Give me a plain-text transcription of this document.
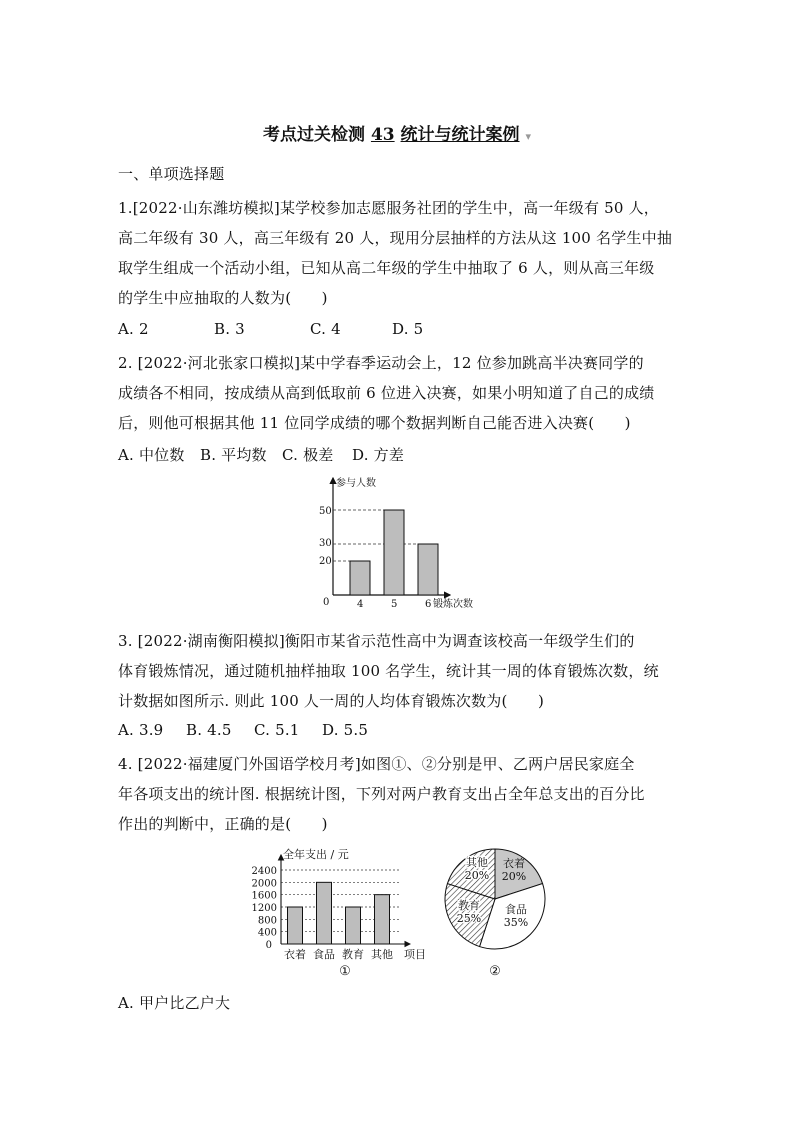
考点过关检测 43 统计与统计案例 ▾
一、单项选择题
1.[2022·山东潍坊模拟]某学校参加志愿服务社团的学生中，高一年级有 50 人，
高二年级有 30 人，高三年级有 20 人，现用分层抽样的方法从这 100 名学生中抽
取学生组成一个活动小组，已知从高二年级的学生中抽取了 6 人，则从高三年级
的学生中应抽取的人数为(　　)
A. 2	B. 3	C. 4	D. 5
2. [2022·河北张家口模拟]某中学春季运动会上，12 位参加跳高半决赛同学的
成绩各不相同，按成绩从高到低取前 6 位进入决赛，如果小明知道了自己的成绩
后，则他可根据其他 11 位同学成绩的哪个数据判断自己能否进入决赛(　　)
A. 中位数 B. 平均数 C. 极差 D. 方差
参与人数
锻炼次数
0
50
30
20
4	5	6
3. [2022·湖南衡阳模拟]衡阳市某省示范性高中为调查该校高一年级学生们的
体育锻炼情况，通过随机抽样抽取 100 名学生，统计其一周的体育锻炼次数，统
计数据如图所示. 则此 100 人一周的人均体育锻炼次数为(　　)
A. 3.9 B. 4.5 C. 5.1 D. 5.5
4. [2022·福建厦门外国语学校月考]如图①、②分别是甲、乙两户居民家庭全
年各项支出的统计图. 根据统计图，下列对两户教育支出占全年总支出的百分比
作出的判断中，正确的是(　　)
全年支出 / 元
0
400
800
1200
1600
2000
2400
衣着 食品 教育 其他 项目
①
衣着
20%
食品
35%
教育
25%
其他
20%
②
A. 甲户比乙户大
